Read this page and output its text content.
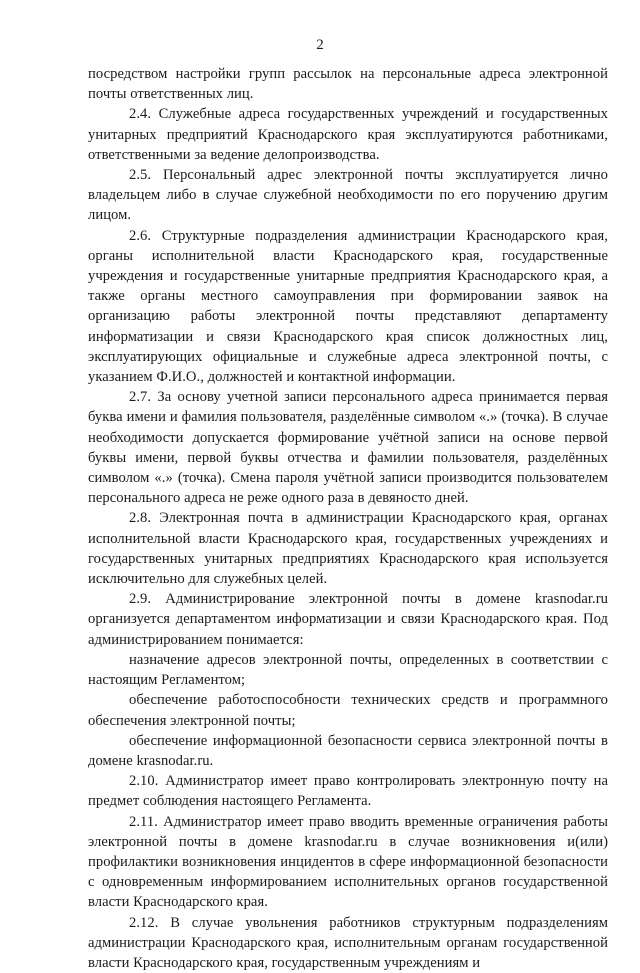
2

посредством настройки групп рассылок на персональные адреса электронной почты ответственных лиц.

2.4. Служебные адреса государственных учреждений и государственных унитарных предприятий Краснодарского края эксплуатируются работниками, ответственными за ведение делопроизводства.

2.5. Персональный адрес электронной почты эксплуатируется лично владельцем либо в случае служебной необходимости по его поручению другим лицом.

2.6. Структурные подразделения администрации Краснодарского края, органы исполнительной власти Краснодарского края, государственные учреждения и государственные унитарные предприятия Краснодарского края, а также органы местного самоуправления при формировании заявок на организацию работы электронной почты представляют департаменту информатизации и связи Краснодарского края список должностных лиц, эксплуатирующих официальные и служебные адреса электронной почты, с указанием Ф.И.О., должностей и контактной информации.

2.7. За основу учетной записи персонального адреса принимается первая буква имени и фамилия пользователя, разделённые символом «.» (точка). В случае необходимости допускается формирование учётной записи на основе первой буквы имени, первой буквы отчества и фамилии пользователя, разделённых символом «.» (точка). Смена пароля учётной записи производится пользователем персонального адреса не реже одного раза в девяносто дней.

2.8. Электронная почта в администрации Краснодарского края, органах исполнительной власти Краснодарского края, государственных учреждениях и государственных унитарных предприятиях Краснодарского края используется исключительно для служебных целей.

2.9. Администрирование электронной почты в домене krasnodar.ru организуется департаментом информатизации и связи Краснодарского края. Под администрированием понимается:

назначение адресов электронной почты, определенных в соответствии с настоящим Регламентом;

обеспечение работоспособности технических средств и программного обеспечения электронной почты;

обеспечение информационной безопасности сервиса электронной почты в домене krasnodar.ru.

2.10. Администратор имеет право контролировать электронную почту на предмет соблюдения настоящего Регламента.

2.11. Администратор имеет право вводить временные ограничения работы электронной почты в домене krasnodar.ru в случае возникновения и(или) профилактики возникновения инцидентов в сфере информационной безопасности с одновременным информированием исполнительных органов государственной власти Краснодарского края.

2.12. В случае увольнения работников структурным подразделениям администрации Краснодарского края, исполнительным органам государственной власти Краснодарского края, государственным учреждениям и
